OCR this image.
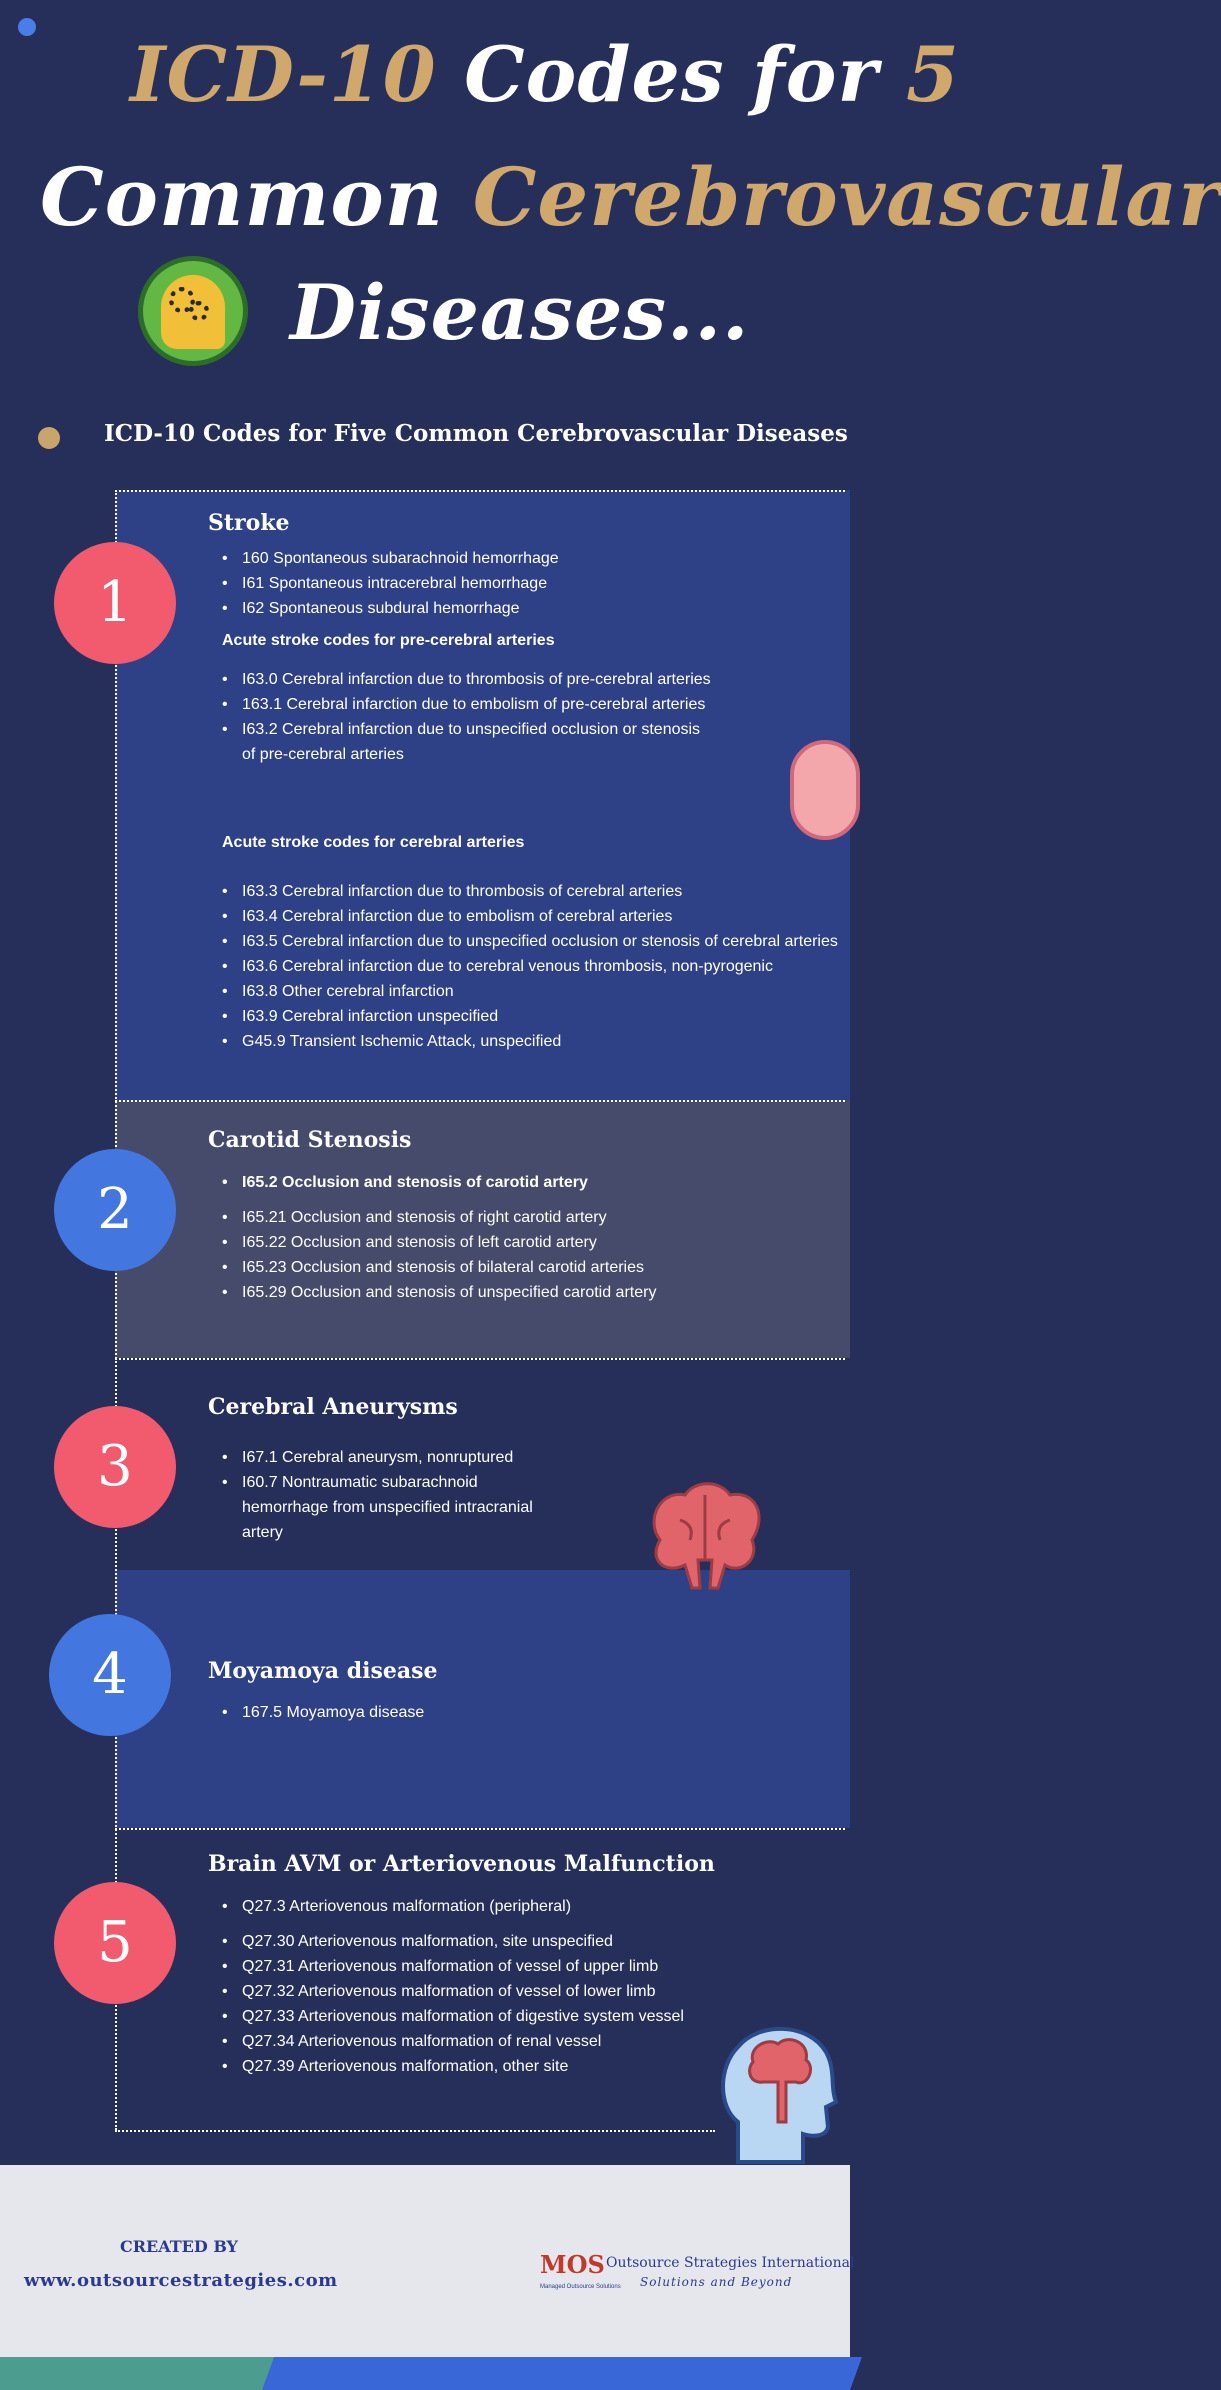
ICD-10 Codes for 5
Common Cerebrovascular
Diseases...
ICD-10 Codes for Five Common Cerebrovascular Diseases
1
Stroke
• 160 Spontaneous subarachnoid hemorrhage
• I61 Spontaneous intracerebral hemorrhage
• I62 Spontaneous subdural hemorrhage
Acute stroke codes for pre-cerebral arteries
• I63.0 Cerebral infarction due to thrombosis of pre-cerebral arteries
• 163.1 Cerebral infarction due to embolism of pre-cerebral arteries
• I63.2 Cerebral infarction due to unspecified occlusion or stenosis of pre-cerebral arteries
Acute stroke codes for cerebral arteries
• I63.3 Cerebral infarction due to thrombosis of cerebral arteries
• I63.4 Cerebral infarction due to embolism of cerebral arteries
• I63.5 Cerebral infarction due to unspecified occlusion or stenosis of cerebral arteries
• I63.6 Cerebral infarction due to cerebral venous thrombosis, non-pyrogenic
• I63.8 Other cerebral infarction
• I63.9 Cerebral infarction unspecified
• G45.9 Transient Ischemic Attack, unspecified
2
Carotid Stenosis
• I65.2 Occlusion and stenosis of carotid artery
• I65.21 Occlusion and stenosis of right carotid artery
• I65.22 Occlusion and stenosis of left carotid artery
• I65.23 Occlusion and stenosis of bilateral carotid arteries
• I65.29 Occlusion and stenosis of unspecified carotid artery
3
Cerebral Aneurysms
• I67.1 Cerebral aneurysm, nonruptured
• I60.7 Nontraumatic subarachnoid hemorrhage from unspecified intracranial artery
4	Moyamoya disease
• 167.5 Moyamoya disease
5
Brain AVM or Arteriovenous Malfunction
• Q27.3 Arteriovenous malformation (peripheral)
• Q27.30 Arteriovenous malformation, site unspecified
• Q27.31 Arteriovenous malformation of vessel of upper limb
• Q27.32 Arteriovenous malformation of vessel of lower limb
• Q27.33 Arteriovenous malformation of digestive system vessel
• Q27.34 Arteriovenous malformation of renal vessel
• Q27.39 Arteriovenous malformation, other site
CREATED BY
www.outsourcestrategies.com
MOS Outsource Strategies International
Solutions and Beyond
Managed Outsource Solutions
